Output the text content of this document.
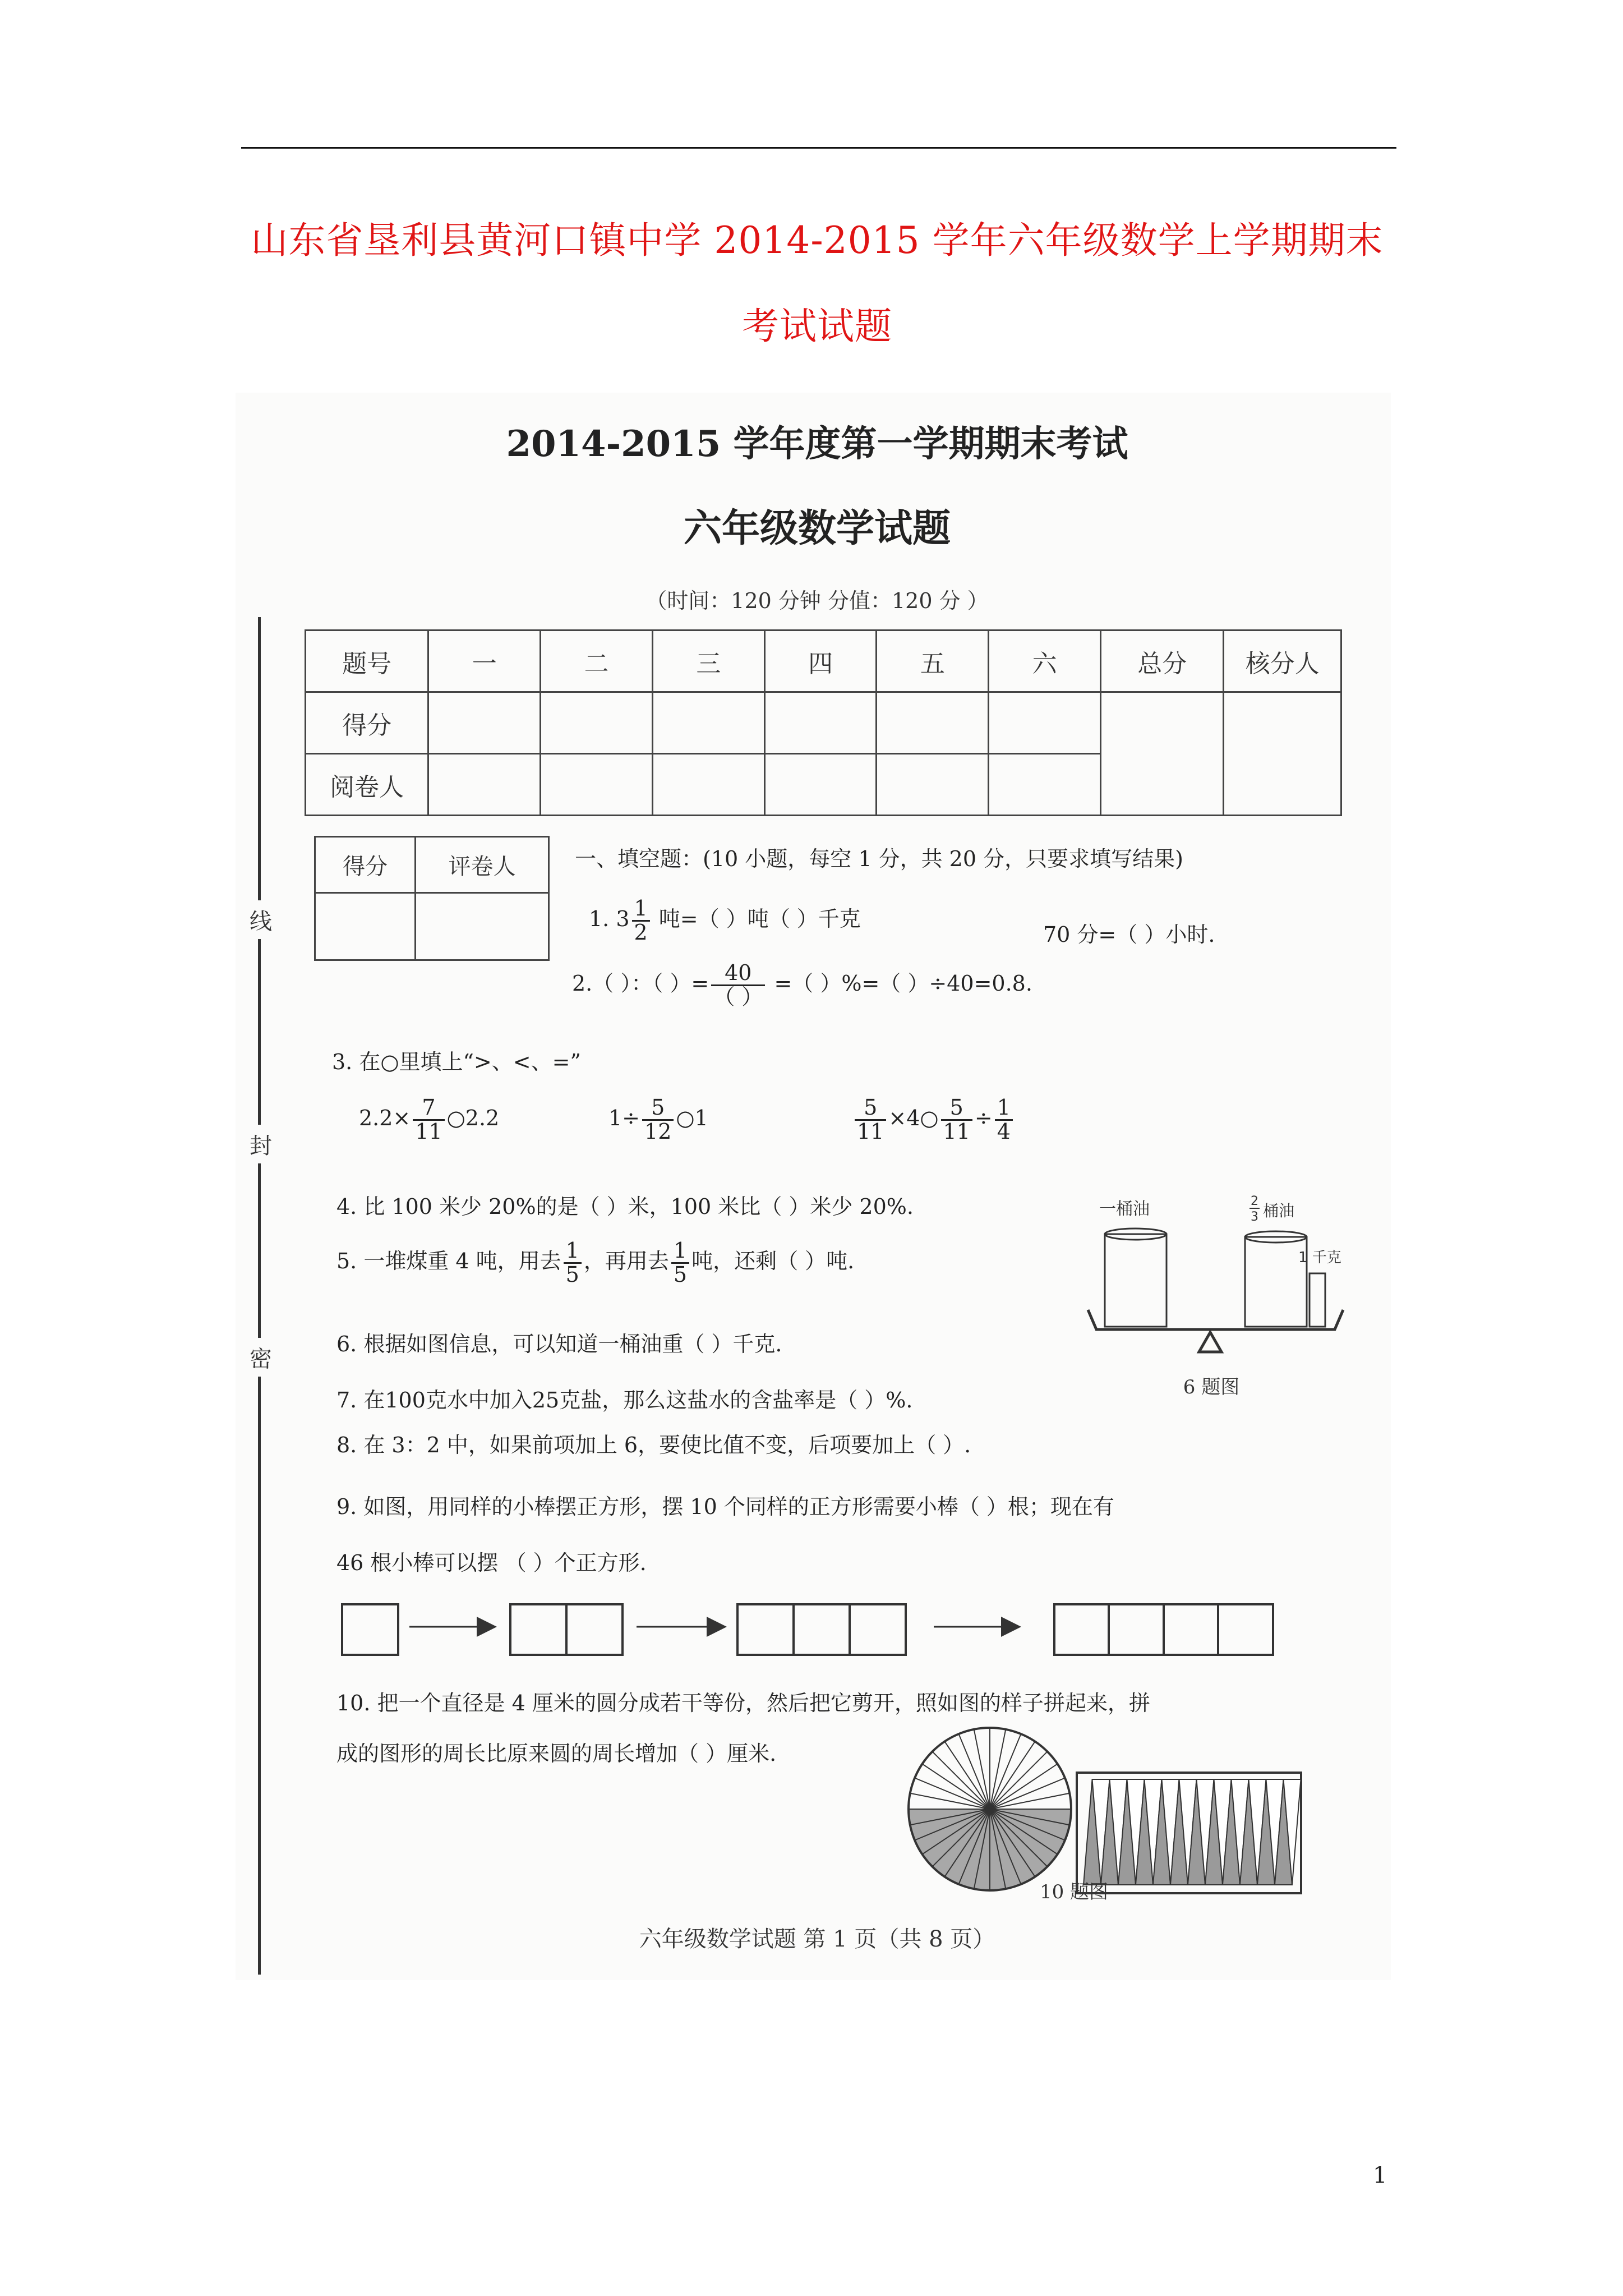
山东省垦利县黄河口镇中学 2014-2015 学年六年级数学上学期期末
考试试题
线
封
密
2014-2015 学年度第一学期期末考试
六年级数学试题
（时间：120 分钟 分值：120 分 ）
题号	一	二	三	四	五	六	总分	核分人
得分								
阅卷人								
得分	评卷人
		一、填空题：(10 小题，每空 1 分，共 20 分，只要求填写结果)
1. $3 \frac{1}{2}$ 吨=（ ）吨（ ）千克
70 分=（ ）小时.
2.（ ）：（ ）= $\frac{40}{( )}$ =（ ）%=（ ）÷40=0.8.
3. 在○里填上“>、<、=”
$2.2\times \frac{7}{11}$ ○2.2	$1\div \frac{5}{12}$ ○1	$\frac{5}{11}$ ×4○ $\frac{5}{11} \div \frac{1}{4}$
4. 比 100 米少 20%的是（ ）米，100 米比（ ）米少 20%.
5. 一堆煤重 4 吨，用去 $\frac{1}{5}$ ，再用去 $\frac{1}{5}$ 吨，还剩（ ）吨.
一桶油	2
3 桶油
1 千克
6 题图
6. 根据如图信息，可以知道一桶油重（ ）千克.
7. 在100克水中加入25克盐，那么这盐水的含盐率是（ ）%.
8. 在 3：2 中，如果前项加上 6，要使比值不变，后项要加上（ ）.
9. 如图，用同样的小棒摆正方形，摆 10 个同样的正方形需要小棒（ ）根；现在有
46 根小棒可以摆 （ ）个正方形.
10. 把一个直径是 4 厘米的圆分成若干等份，然后把它剪开，照如图的样子拼起来，拼
成的图形的周长比原来圆的周长增加（ ）厘米.
10 题图
六年级数学试题 第 1 页（共 8 页）
1
